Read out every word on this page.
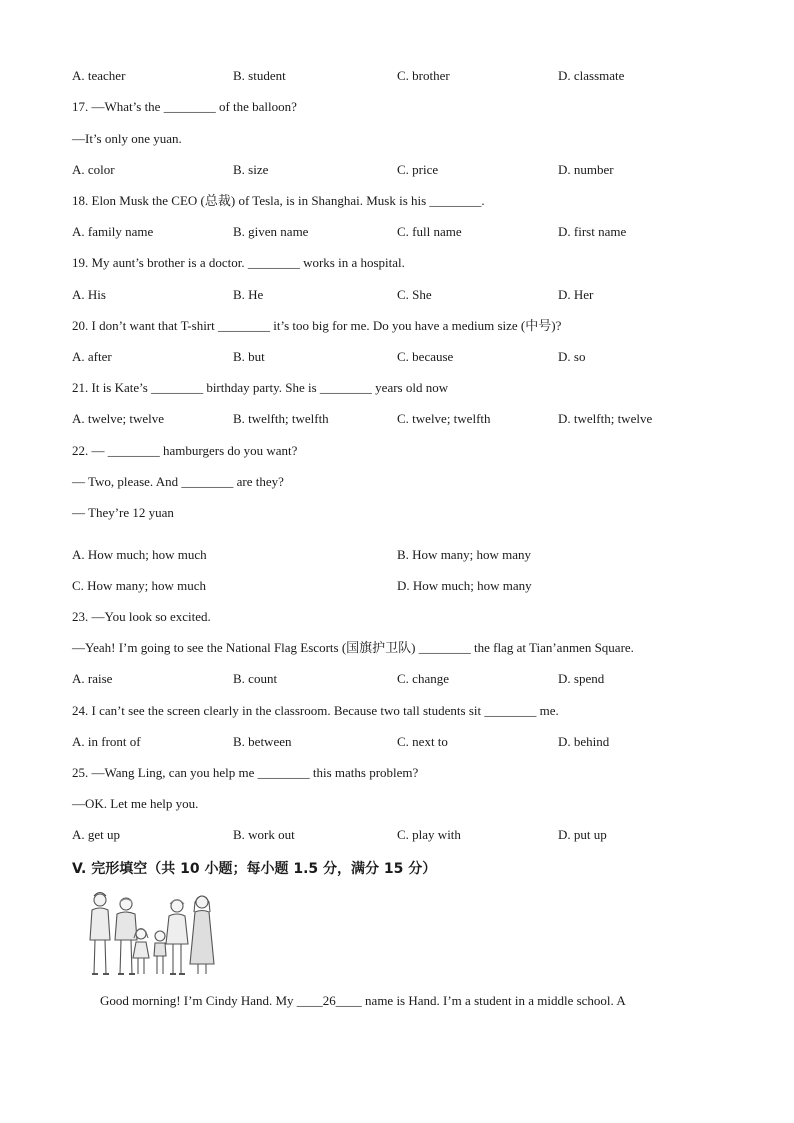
A. teacher	B. student	C. brother	D. classmate
17. —What’s the ________ of the balloon?
—It’s only one yuan.
A. color	B. size	C. price	D. number
18. Elon Musk the CEO (总裁) of Tesla, is in Shanghai. Musk is his ________.
A. family name	B. given name	C. full name	D. first name
19. My aunt’s brother is a doctor. ________ works in a hospital.
A. His	B. He	C. She	D. Her
20. I don’t want that T-shirt ________ it’s too big for me. Do you have a medium size (中号)?
A. after	B. but	C. because	D. so
21. It is Kate’s ________ birthday party. She is ________ years old now
A. twelve; twelve	B. twelfth; twelfth	C. twelve; twelfth	D. twelfth; twelve
22. — ________ hamburgers do you want?
— Two, please. And ________ are they?
— They’re 12 yuan
A. How much; how much	B. How many; how many
C. How many; how much	D. How much; how many
23. —You look so excited.
—Yeah! I’m going to see the National Flag Escorts (国旗护卫队) ________ the flag at Tian’anmen Square.
A. raise	B. count	C. change	D. spend
24. I can’t see the screen clearly in the classroom. Because two tall students sit ________ me.
A. in front of	B. between	C. next to	D. behind
25. —Wang Ling, can you help me ________ this maths problem?
—OK. Let me help you.
A. get up	B. work out	C. play with	D. put up
V. 完形填空（共 10 小题；每小题 1.5 分，满分 15 分）
Good morning! I’m Cindy Hand. My ____26____ name is Hand. I’m a student in a middle school. A
